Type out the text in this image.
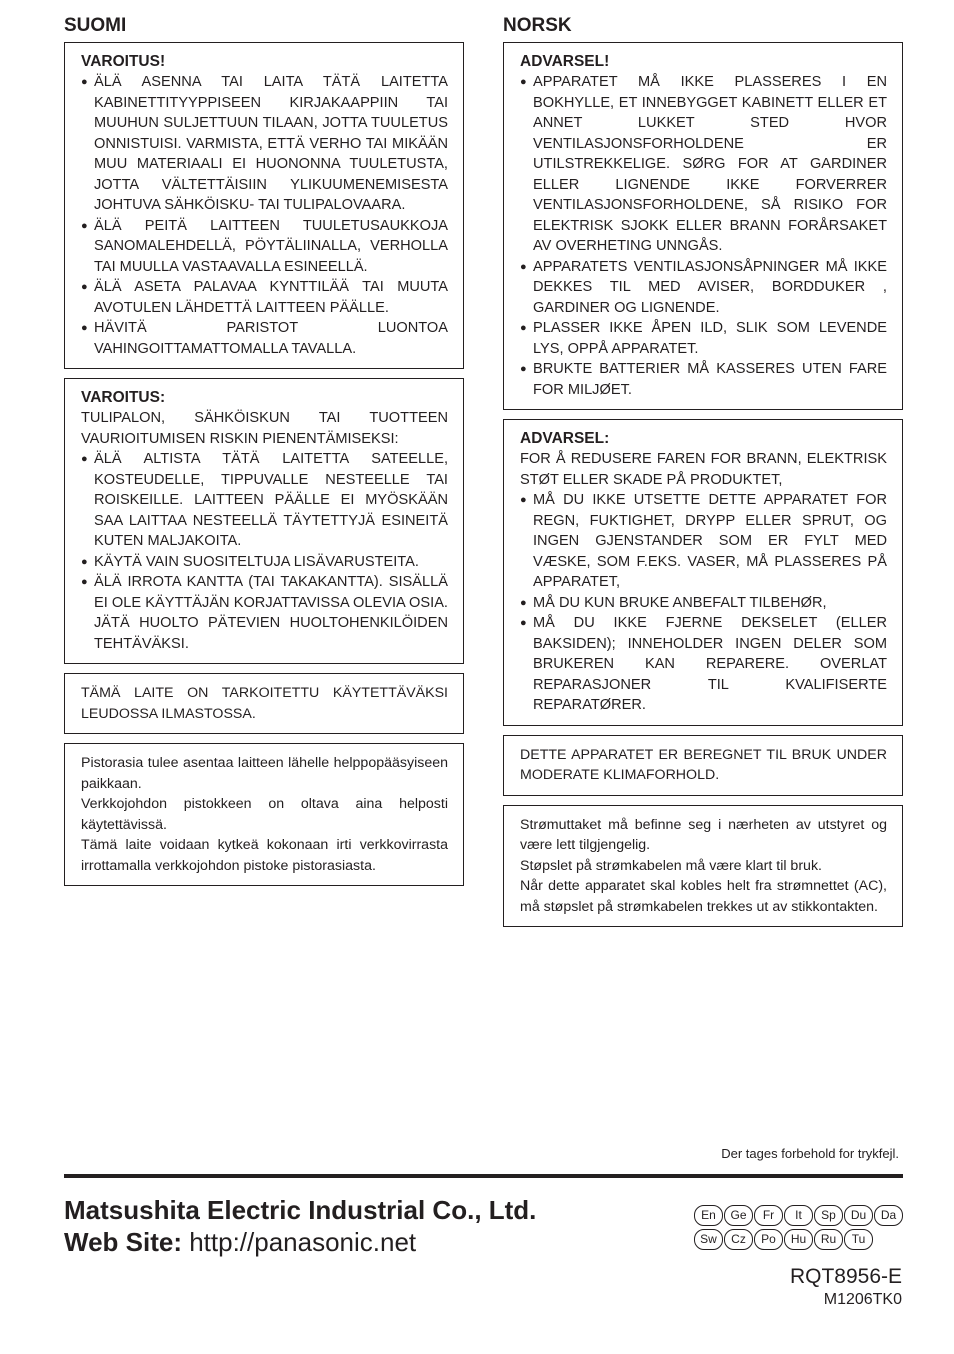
SUOMI

VAROITUS!

● ÄLÄ ASENNA TAI LAITA TÄTÄ LAITETTA KABINETTITYYPPISEEN KIRJAKAAPPIIN TAI MUUHUN SULJETTUUN TILAAN, JOTTA TUULETUS ONNISTUISI. VARMISTA, ETTÄ VERHO TAI MIKÄÄN MUU MATERIAALI EI HUONONNA TUULETUSTA, JOTTA VÄLTETTÄISIIN YLIKUUMENEMISESTA JOHTUVA SÄHKÖISKU- TAI TULIPALOVAARA.
● ÄLÄ PEITÄ LAITTEEN TUULETUSAUKKOJA SANOMALEHDELLÄ, PÖYTÄLIINALLA, VERHOLLA TAI MUULLA VASTAAVALLA ESINEELLÄ.
● ÄLÄ ASETA PALAVAA KYNTTILÄÄ TAI MUUTA AVOTULEN LÄHDETTÄ LAITTEEN PÄÄLLE.
● HÄVITÄ PARISTOT LUONTOA VAHINGOITTAMATTOMALLA TAVALLA.

VAROITUS:

TULIPALON, SÄHKÖISKUN TAI TUOTTEEN VAURIOITUMISEN RISKIN PIENENTÄMISEKSI:

● ÄLÄ ALTISTA TÄTÄ LAITETTA SATEELLE, KOSTEUDELLE, TIPPUVALLE NESTEELLE TAI ROISKEILLE. LAITTEEN PÄÄLLE EI MYÖSKÄÄN SAA LAITTAA NESTEELLÄ TÄYTETTYJÄ ESINEITÄ KUTEN MALJAKOITA.
● KÄYTÄ VAIN SUOSITELTUJA LISÄVARUSTEITA.
● ÄLÄ IRROTA KANTTA (TAI TAKAKANTTA). SISÄLLÄ EI OLE KÄYTTÄJÄN KORJATTAVISSA OLEVIA OSIA. JÄTÄ HUOLTO PÄTEVIEN HUOLTOHENKILÖIDEN TEHTÄVÄKSI.

TÄMÄ LAITE ON TARKOITETTU KÄYTETTÄVÄKSI LEUDOSSA ILMASTOSSA.

Pistorasia tulee asentaa laitteen lähelle helppopääsyiseen paikkaan.

Verkkojohdon pistokkeen on oltava aina helposti käytettävissä.

Tämä laite voidaan kytkeä kokonaan irti verkkovirrasta irrottamalla verkkojohdon pistoke pistorasiasta.

NORSK

ADVARSEL!

● APPARATET MÅ IKKE PLASSERES I EN BOKHYLLE, ET INNEBYGGET KABINETT ELLER ET ANNET LUKKET STED HVOR VENTILASJONSFORHOLDENE ER UTILSTREKKELIGE. SØRG FOR AT GARDINER ELLER LIGNENDE IKKE FORVERRER VENTILASJONSFORHOLDENE, SÅ RISIKO FOR ELEKTRISK SJOKK ELLER BRANN FORÅRSAKET AV OVERHETING UNNGÅS.
● APPARATETS VENTILASJONSÅPNINGER MÅ IKKE DEKKES TIL MED AVISER, BORDDUKER , GARDINER OG LIGNENDE.
● PLASSER IKKE ÅPEN ILD, SLIK SOM LEVENDE LYS, OPPÅ APPARATET.
● BRUKTE BATTERIER MÅ KASSERES UTEN FARE FOR MILJØET.

ADVARSEL:

FOR Å REDUSERE FAREN FOR BRANN, ELEKTRISK STØT ELLER SKADE PÅ PRODUKTET,

● MÅ DU IKKE UTSETTE DETTE APPARATET FOR REGN, FUKTIGHET, DRYPP ELLER SPRUT, OG INGEN GJENSTANDER SOM ER FYLT MED VÆSKE, SOM F.EKS. VASER, MÅ PLASSERES PÅ APPARATET,
● MÅ DU KUN BRUKE ANBEFALT TILBEHØR,
● MÅ DU IKKE FJERNE DEKSELET (ELLER BAKSIDEN); INNEHOLDER INGEN DELER SOM BRUKEREN KAN REPARERE. OVERLAT REPARASJONER TIL KVALIFISERTE REPARATØRER.

DETTE APPARATET ER BEREGNET TIL BRUK UNDER MODERATE KLIMAFORHOLD.

Strømuttaket må befinne seg i nærheten av utstyret og være lett tilgjengelig.

Støpslet på strømkabelen må være klart til bruk.

Når dette apparatet skal kobles helt fra strømnettet (AC), må støpslet på strømkabelen trekkes ut av stikkontakten.

Der tages forbehold for trykfejl.
Matsushita Electric Industrial Co., Ltd.
Web Site: http://panasonic.net
En	Ge	Fr	It	Sp	Du	Da
Sw	Cz	Po	Hu	Ru	Tu
RQT8956-E
M1206TK0
